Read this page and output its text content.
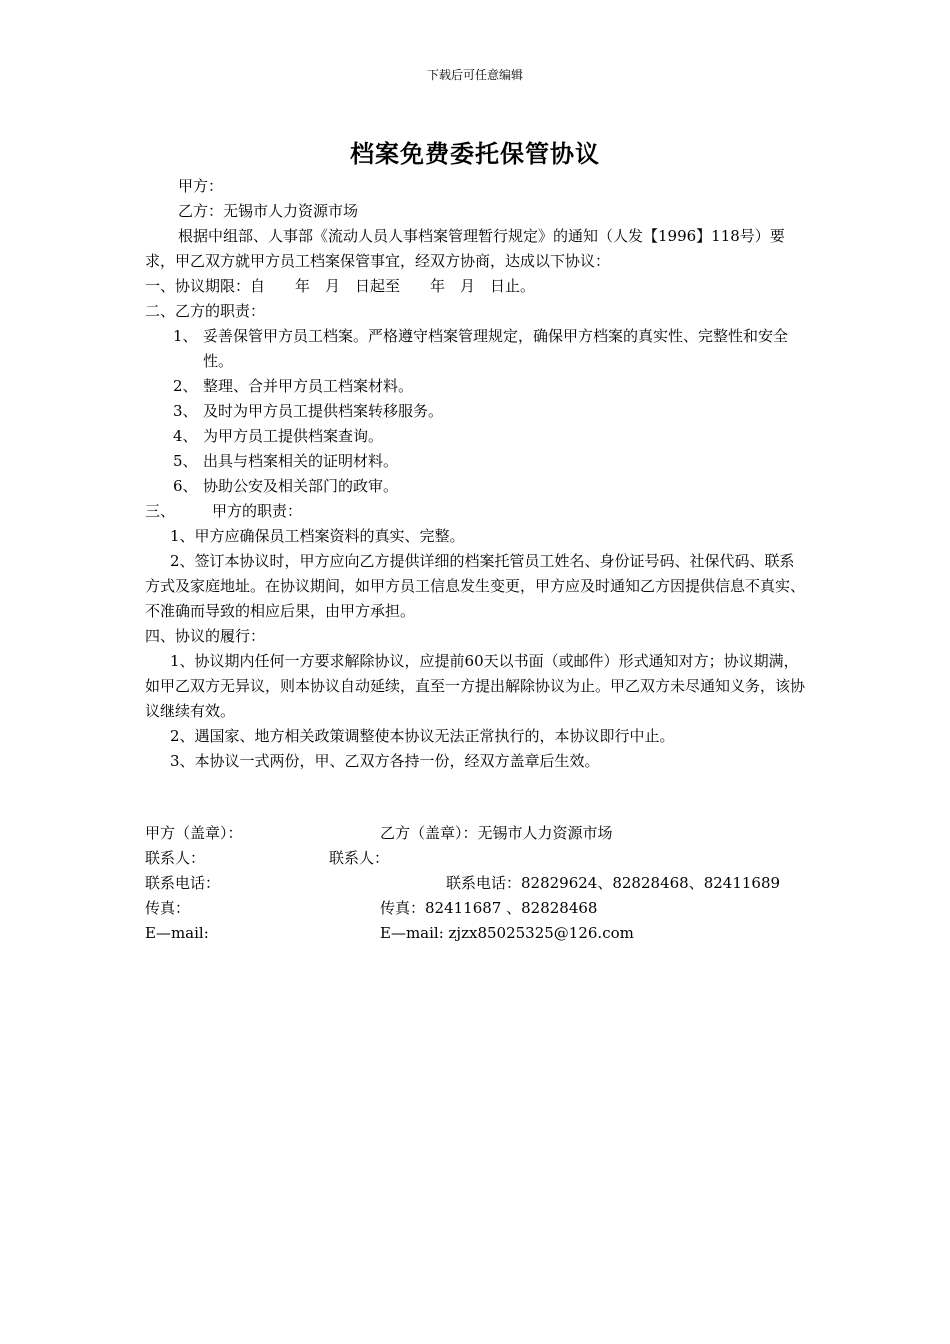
下载后可任意编辑
档案免费委托保管协议

甲方：

乙方：无锡市人力资源市场

根据中组部、人事部《流动人员人事档案管理暂行规定》的通知（人发【1996】118号）要求，甲乙双方就甲方员工档案保管事宜，经双方协商，达成以下协议：

一、协议期限：自　　年　月　日起至　　年　月　日止。

二、乙方的职责：

1、 妥善保管甲方员工档案。严格遵守档案管理规定，确保甲方档案的真实性、完整性和安全性。
2、 整理、合并甲方员工档案材料。
3、 及时为甲方员工提供档案转移服务。
4、 为甲方员工提供档案查询。
5、 出具与档案相关的证明材料。
6、 协助公安及相关部门的政审。
三、	甲方的职责：

1、甲方应确保员工档案资料的真实、完整。

2、签订本协议时，甲方应向乙方提供详细的档案托管员工姓名、身份证号码、社保代码、联系方式及家庭地址。在协议期间，如甲方员工信息发生变更，甲方应及时通知乙方因提供信息不真实、不准确而导致的相应后果，由甲方承担。

四、协议的履行：

1、协议期内任何一方要求解除协议，应提前60天以书面（或邮件）形式通知对方；协议期满，如甲乙双方无异议，则本协议自动延续，直至一方提出解除协议为止。甲乙双方未尽通知义务，该协议继续有效。

2、遇国家、地方相关政策调整使本协议无法正常执行的，本协议即行中止。

3、本协议一式两份，甲、乙双方各持一份，经双方盖章后生效。

甲方（盖章）：	乙方（盖章）：无锡市人力资源市场
联系人：	联系人：
联系电话：	联系电话：82829624、82828468、82411689
传真：	传真：82411687 、82828468
E—mail:	E—mail: zjzx85025325@126.com
